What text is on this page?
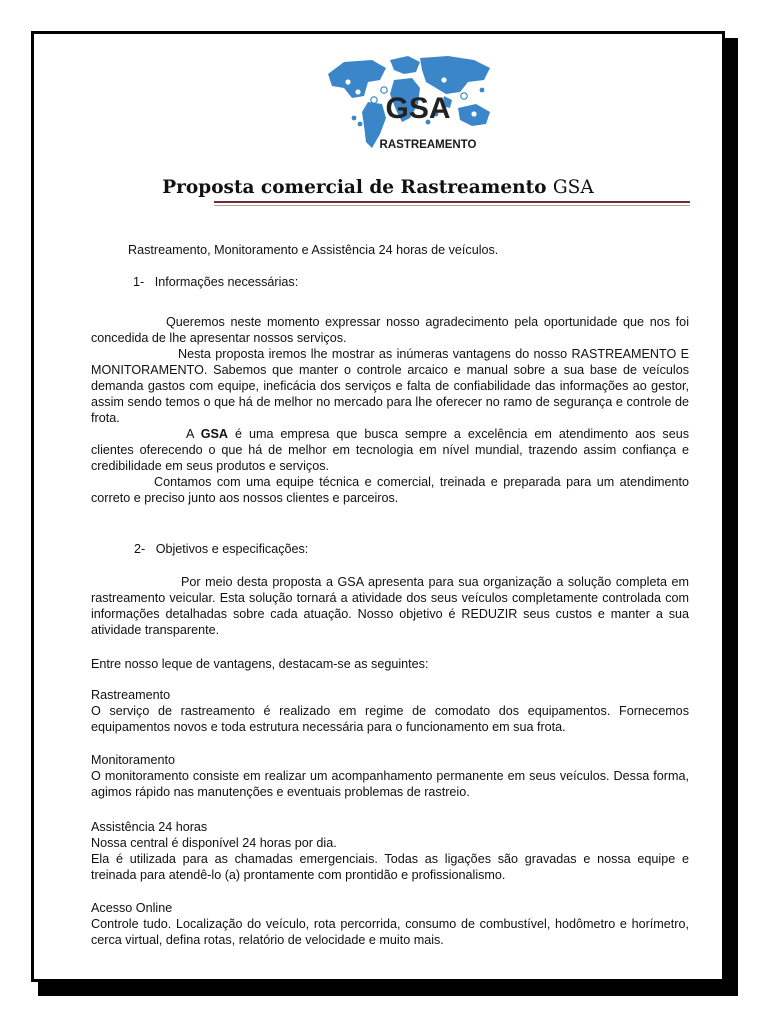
GSA
RASTREAMENTO
Proposta comercial de Rastreamento GSA
Rastreamento, Monitoramento e Assistência 24 horas de veículos.
1- Informações necessárias:
Queremos neste momento expressar nosso agradecimento pela oportunidade que nos foi concedida de lhe apresentar nossos serviços.
Nesta proposta iremos lhe mostrar as inúmeras vantagens do nosso RASTREAMENTO E MONITORAMENTO. Sabemos que manter o controle arcaico e manual sobre a sua base de veículos demanda gastos com equipe, ineficácia dos serviços e falta de confiabilidade das informações ao gestor, assim sendo temos o que há de melhor no mercado para lhe oferecer no ramo de segurança e controle de frota.
A GSA é uma empresa que busca sempre a excelência em atendimento aos seus clientes oferecendo o que há de melhor em tecnologia em nível mundial, trazendo assim confiança e credibilidade em seus produtos e serviços.
Contamos com uma equipe técnica e comercial, treinada e preparada para um atendimento correto e preciso junto aos nossos clientes e parceiros.
2- Objetivos e especificações:
Por meio desta proposta a GSA apresenta para sua organização a solução completa em rastreamento veicular. Esta solução tornará a atividade dos seus veículos completamente controlada com informações detalhadas sobre cada atuação. Nosso objetivo é REDUZIR seus custos e manter a sua atividade transparente.
Entre nosso leque de vantagens, destacam-se as seguintes:
Rastreamento
O serviço de rastreamento é realizado em regime de comodato dos equipamentos. Fornecemos equipamentos novos e toda estrutura necessária para o funcionamento em sua frota.
Monitoramento
O monitoramento consiste em realizar um acompanhamento permanente em seus veículos. Dessa forma, agimos rápido nas manutenções e eventuais problemas de rastreio.
Assistência 24 horas
Nossa central é disponível 24 horas por dia.
Ela é utilizada para as chamadas emergenciais. Todas as ligações são gravadas e nossa equipe e treinada para atendê-lo (a) prontamente com prontidão e profissionalismo.
Acesso Online
Controle tudo. Localização do veículo, rota percorrida, consumo de combustível, hodômetro e horímetro, cerca virtual, defina rotas, relatório de velocidade e muito mais.
